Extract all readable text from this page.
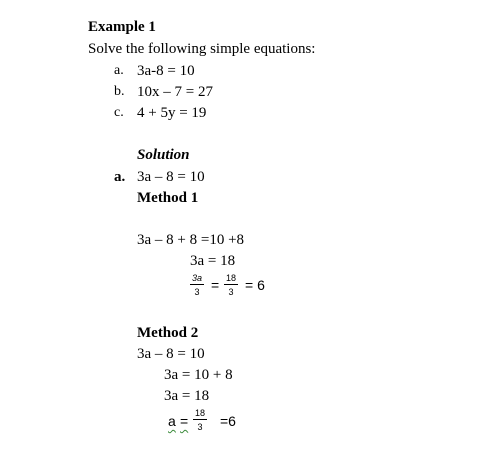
Example 1
Solve the following simple equations:
a. 3a-8 = 10
b. 10x – 7 = 27
c. 4 + 5y = 19
Solution
a. 3a – 8 = 10
Method 1
3a – 8 + 8 =10 +8
3a = 18
3a
3 = 18
3 = 6
Method 2
3a – 8 = 10
3a = 10 + 8
3a = 18
a = 18
3 =6
